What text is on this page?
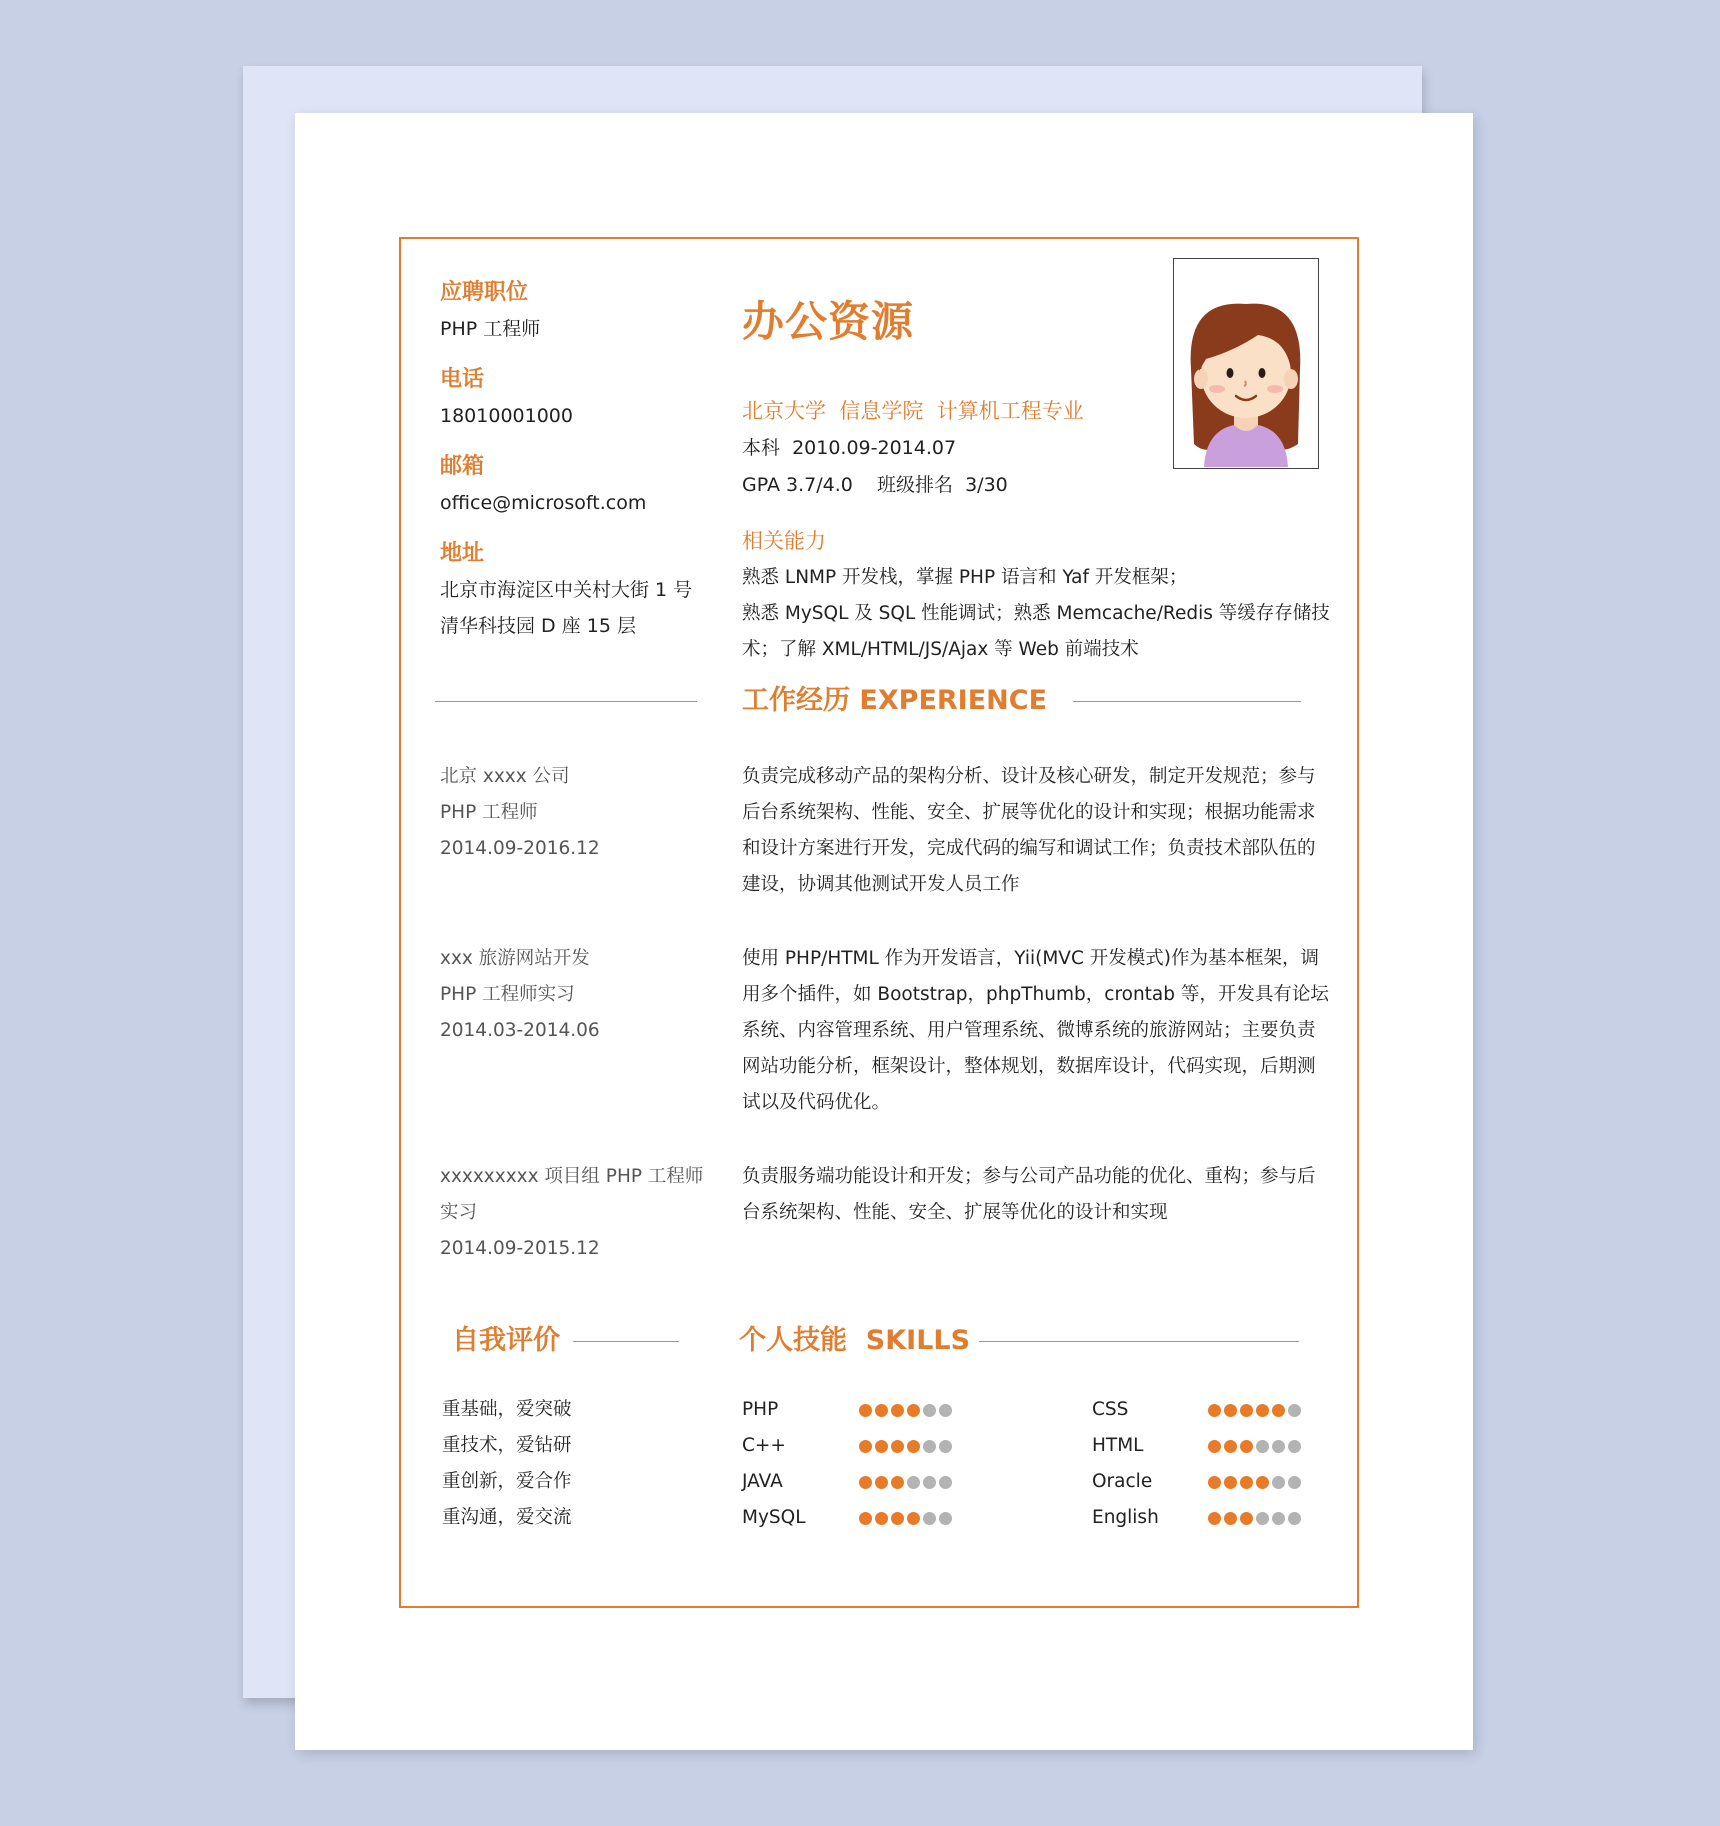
应聘职位
PHP 工程师
电话
18010001000
邮箱
office@microsoft.com
地址
北京市海淀区中关村大街 1 号
清华科技园 D 座 15 层
办公资源
北京大学  信息学院  计算机工程专业
本科  2010.09-2014.07
GPA 3.7/4.0    班级排名  3/30
相关能力
熟悉 LNMP 开发栈，掌握 PHP 语言和 Yaf 开发框架；
熟悉 MySQL 及 SQL 性能调试；熟悉 Memcache/Redis 等缓存存储技
术；了解 XML/HTML/JS/Ajax 等 Web 前端技术
工作经历 EXPERIENCE
北京 xxxx 公司
PHP 工程师
2014.09-2016.12
负责完成移动产品的架构分析、设计及核心研发，制定开发规范；参与
后台系统架构、性能、安全、扩展等优化的设计和实现；根据功能需求
和设计方案进行开发，完成代码的编写和调试工作；负责技术部队伍的
建设，协调其他测试开发人员工作
xxx 旅游网站开发
PHP 工程师实习
2014.03-2014.06
使用 PHP/HTML 作为开发语言，Yii(MVC 开发模式)作为基本框架，调
用多个插件，如 Bootstrap，phpThumb，crontab 等，开发具有论坛
系统、内容管理系统、用户管理系统、微博系统的旅游网站；主要负责
网站功能分析，框架设计，整体规划，数据库设计，代码实现，后期测
试以及代码优化。
xxxxxxxxx 项目组 PHP 工程师
实习
2014.09-2015.12
负责服务端功能设计和开发；参与公司产品功能的优化、重构；参与后
台系统架构、性能、安全、扩展等优化的设计和实现
自我评价	个人技能  SKILLS
重基础，爱突破
重技术，爱钻研
重创新，爱合作
重沟通，爱交流
PHP
C++
JAVA
MySQL
CSS
HTML
Oracle
English
